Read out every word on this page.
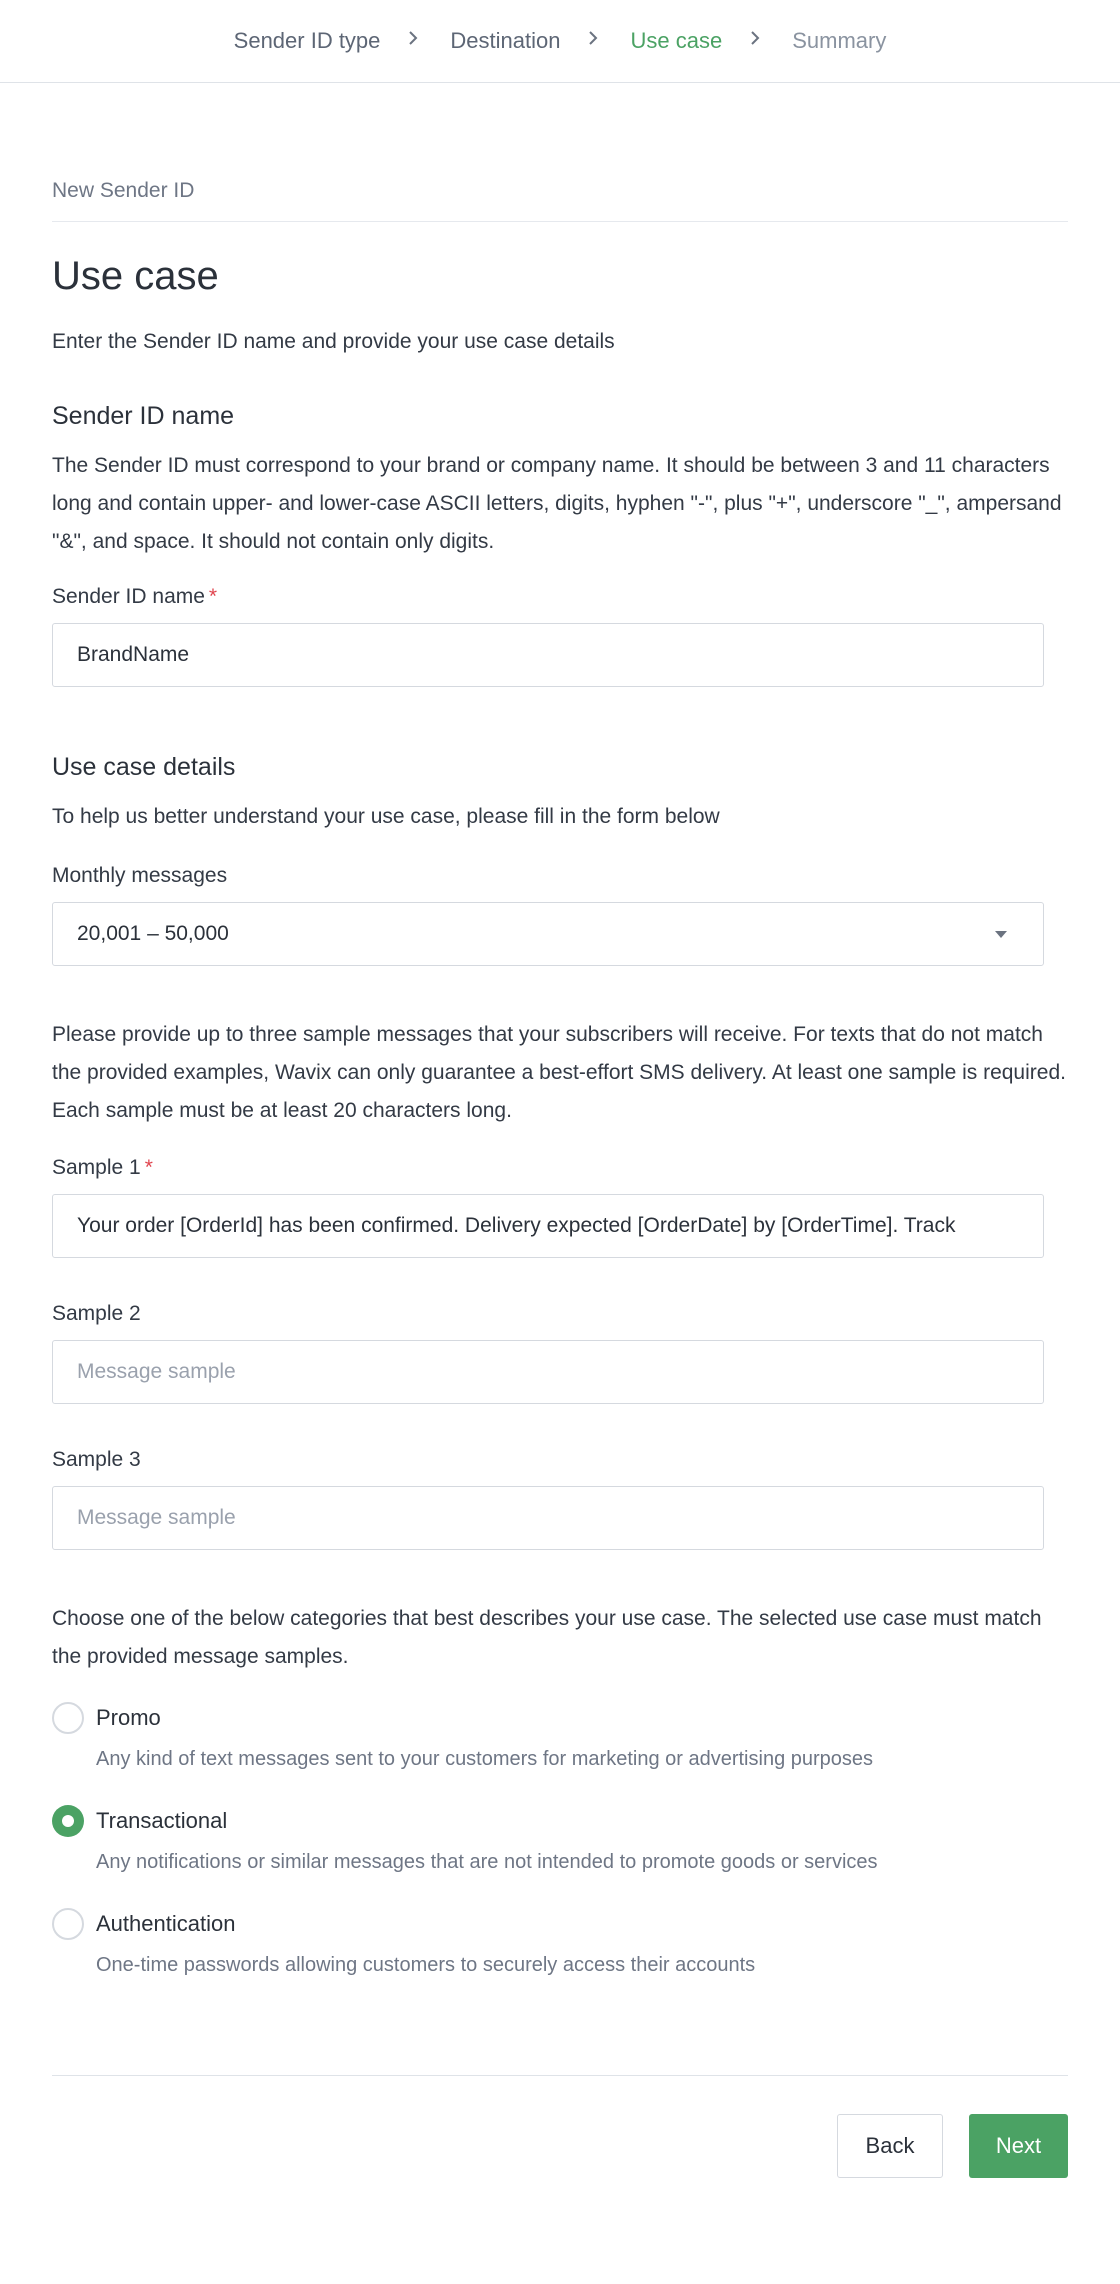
Sender ID type	Destination	Use case	Summary
New Sender ID
Use case
Enter the Sender ID name and provide your use case details
Sender ID name
The Sender ID must correspond to your brand or company name. It should be between 3 and 11 characters long and contain upper- and lower-case ASCII letters, digits, hyphen "-", plus "+", underscore "_", ampersand "&", and space. It should not contain only digits.
Sender ID name *
BrandName
Use case details
To help us better understand your use case, please fill in the form below
Monthly messages
20,001 – 50,000
Please provide up to three sample messages that your subscribers will receive. For texts that do not match the provided examples, Wavix can only guarantee a best-effort SMS delivery. At least one sample is required. Each sample must be at least 20 characters long.
Sample 1 *
Your order [OrderId] has been confirmed. Delivery expected [OrderDate] by [OrderTime]. Track
Sample 2
Message sample
Sample 3
Message sample
Choose one of the below categories that best describes your use case. The selected use case must match the provided message samples.
Promo
Any kind of text messages sent to your customers for marketing or advertising purposes
Transactional
Any notifications or similar messages that are not intended to promote goods or services
Authentication
One-time passwords allowing customers to securely access their accounts
Back	Next
